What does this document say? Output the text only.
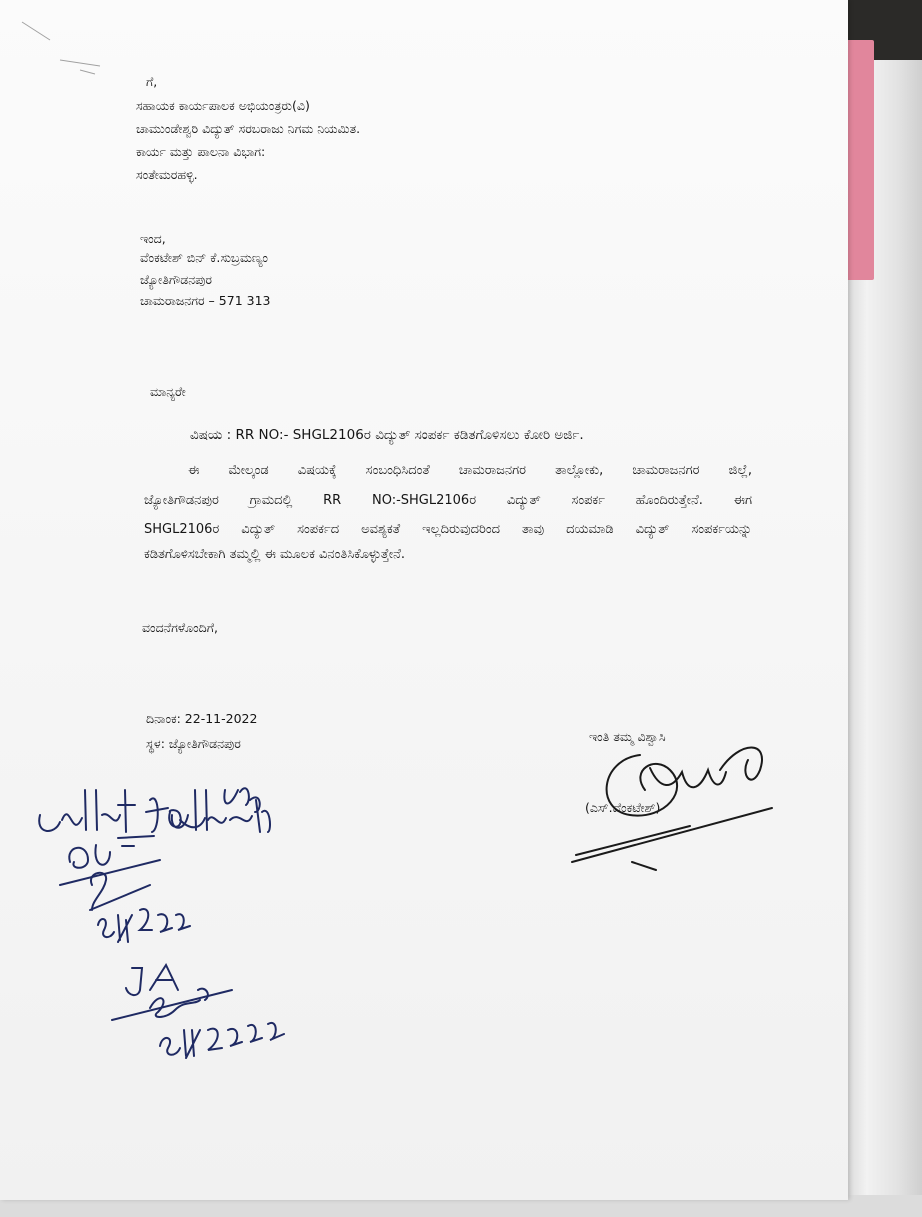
ಗೆ,
ಸಹಾಯಕ ಕಾರ್ಯಪಾಲಕ ಅಭಿಯಂತ್ರರು(ವಿ)
ಚಾಮುಂಡೇಶ್ವರಿ ವಿದ್ಯುತ್ ಸರಬರಾಜು ನಿಗಮ ನಿಯಮಿತ.
ಕಾರ್ಯ ಮತ್ತು ಪಾಲನಾ ವಿಭಾಗ:
ಸಂತೇಮರಹಳ್ಳಿ.
ಇಂದ,
ವೆಂಕಟೇಶ್ ಬಿನ್ ಕೆ.ಸುಬ್ರಮಣ್ಯಂ
ಜ್ಯೋತಿಗೌಡನಪುರ
ಚಾಮರಾಜನಗರ – 571 313
ಮಾನ್ಯರೇ
ವಿಷಯ : RR NO:- SHGL2106ರ ವಿದ್ಯುತ್ ಸಂಪರ್ಕ ಕಡಿತಗೊಳಿಸಲು ಕೋರಿ ಅರ್ಜಿ.
ಈ ಮೇಲ್ಕಂಡ ವಿಷಯಕ್ಕೆ ಸಂಬಂಧಿಸಿದಂತೆ ಚಾಮರಾಜನಗರ ತಾಲ್ಲೋಕು, ಚಾಮರಾಜನಗರ ಜಿಲ್ಲೆ,
ಜ್ಯೋತಿಗೌಡನಪುರ ಗ್ರಾಮದಲ್ಲಿ RR NO:-SHGL2106ರ ವಿದ್ಯುತ್ ಸಂಪರ್ಕ ಹೊಂದಿರುತ್ತೇನೆ. ಈಗ
SHGL2106ರ ವಿದ್ಯುತ್ ಸಂಪರ್ಕದ ಅವಶ್ಯಕತೆ ಇಲ್ಲದಿರುವುದರಿಂದ ತಾವು ದಯಮಾಡಿ ವಿದ್ಯುತ್ ಸಂಪರ್ಕಯನ್ನು
ಕಡಿತಗೊಳಿಸಬೇಕಾಗಿ ತಮ್ಮಲ್ಲಿ ಈ ಮೂಲಕ ವಿನಂತಿಸಿಕೊಳ್ಳುತ್ತೇನೆ.
ವಂದನೆಗಳೊಂದಿಗೆ,
ದಿನಾಂಕ: 22-11-2022
ಸ್ಥಳ: ಜ್ಯೋತಿಗೌಡನಪುರ	ಇಂತಿ ತಮ್ಮ ವಿಶ್ವಾಸಿ
(ಎಸ್.ವೆಂಕಟೇಶ್)
